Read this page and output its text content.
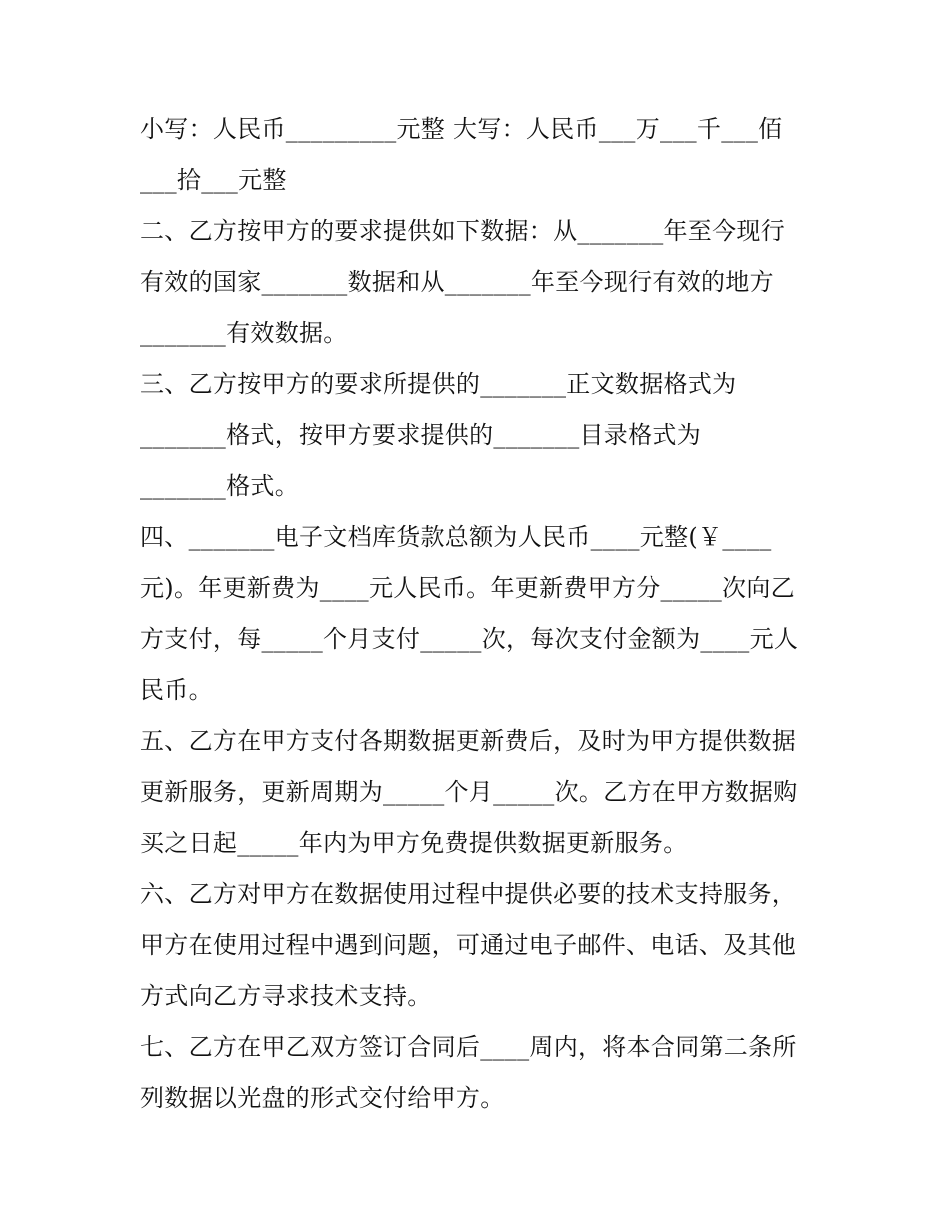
小写：人民币_________元整 大写：人民币___万___千___佰
___拾___元整
二、乙方按甲方的要求提供如下数据：从_______年至今现行
有效的国家_______数据和从_______年至今现行有效的地方
_______有效数据。
三、乙方按甲方的要求所提供的_______正文数据格式为
_______格式，按甲方要求提供的_______目录格式为
_______格式。
四、_______电子文档库货款总额为人民币____元整(￥____
元)。年更新费为____元人民币。年更新费甲方分_____次向乙
方支付，每_____个月支付_____次，每次支付金额为____元人
民币。
五、乙方在甲方支付各期数据更新费后，及时为甲方提供数据
更新服务，更新周期为_____个月_____次。乙方在甲方数据购
买之日起_____年内为甲方免费提供数据更新服务。
六、乙方对甲方在数据使用过程中提供必要的技术支持服务，
甲方在使用过程中遇到问题，可通过电子邮件、电话、及其他
方式向乙方寻求技术支持。
七、乙方在甲乙双方签订合同后____周内，将本合同第二条所
列数据以光盘的形式交付给甲方。
